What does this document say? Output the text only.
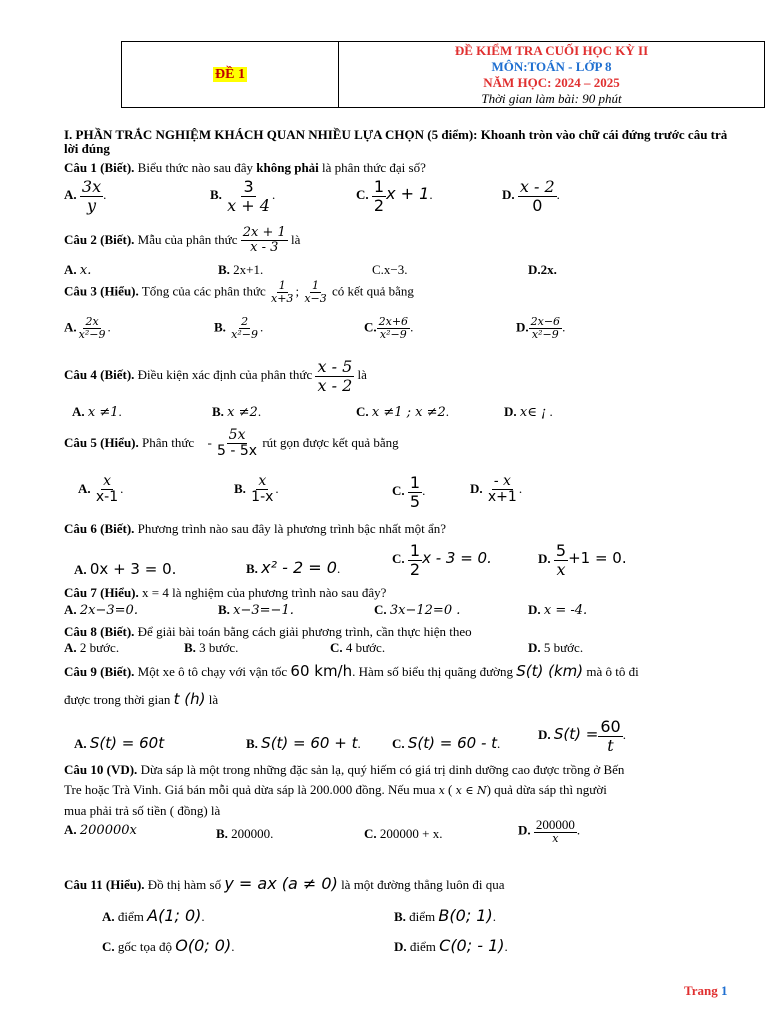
ĐỀ 1	
ĐỀ KIỂM TRA CUỐI HỌC KỲ II
MÔN:TOÁN - LỚP 8
NĂM HỌC: 2024 – 2025
Thời gian làm bài: 90 phút
I. PHẦN TRẮC NGHIỆM KHÁCH QUAN NHIỀU LỰA CHỌN (5 điểm): Khoanh tròn vào chữ cái đứng trước câu trả lời đúng
Câu 1 (Biết). Biểu thức nào sau đây không phải là phân thức đại số?
A. $\frac{3x}{y}$ .	B. $\frac{3}{x + 4}$ .	C. $\frac{1}{2}$ x + 1.	D. $\frac{x - 2}{0}$ .
Câu 2 (Biết). Mẫu của phân thức $\frac{2x + 1}{x - 3}$ là
A. x.	B. 2x+1.	C.x−3.	D.2x.
Câu 3 (Hiểu). Tổng của các phân thức $\frac{1}{x+3}$ ; $\frac{1}{x-3}$ có kết quả bằng
A. $\frac{2x}{\text{x²−9}}$ .	B. $\frac{2}{\text{x²−9}}$ .	C. $\frac{2x+6}{\text{x²−9}}$ .	D. $\frac{2x-6}{\text{x²−9}}$ .
Câu 4 (Biết). Điều kiện xác định của phân thức $\frac{x - 5}{x - 2}$ là
A. x ≠1.	B. x ≠2.	C. x ≠1 ; x ≠2.	D. x∈ ¡ .
Câu 5 (Hiểu). Phân thức - $\frac{5x}{5 - 5x}$ rút gọn được kết quả bằng
A. $\frac{x}{x-1}$ .	B. $\frac{x}{1-x}$ .	C. $\frac{1}{5}$ .	D. $\frac{- x}{x+1}$ .
Câu 6 (Biết). Phương trình nào sau đây là phương trình bậc nhất một ẩn?
A. 0x + 3 = 0.	B. x² - 2 = 0.
C. $\frac{1}{2}$ x - 3 = 0.	D. $\frac{5}{x} +1 = 0$.
Câu 7 (Hiểu). x = 4 là nghiệm của phương trình nào sau đây?
A. 2x−3=0.	B. x−3=−1.	C. 3x−12=0 .	D. x = -4.
Câu 8 (Biết). Để giải bài toán bằng cách giải phương trình, cần thực hiện theo
A. 2 bước.	B. 3 bước.	C. 4 bước.	D. 5 bước.
Câu 9 (Biết). Một xe ô tô chạy với vận tốc 60 km/h. Hàm số biểu thị quãng đường S(t) (km) mà ô tô đi
được trong thời gian t (h) là
A. S(t) = 60t	B. S(t) = 60 + t. C. S(t) = 60 - t.
D. $S(t) = \frac{60}{t}$ .
Câu 10 (VD). Dừa sáp là một trong những đặc sản lạ, quý hiếm có giá trị dinh dưỡng cao được trồng ở Bến
Tre hoặc Trà Vinh. Giá bán mỗi quả dừa sáp là 200.000 đồng. Nếu mua x ( x ∈ N) quả dừa sáp thì người
mua phải trả số tiền ( đồng) là
A. 200000x	B. 200000.	C. 200000 + x.	D. $\frac{200000}{x}$ .
Câu 11 (Hiểu). Đồ thị hàm số y = ax (a ≠ 0) là một đường thẳng luôn đi qua
A. điểm A(1; 0).	B. điểm B(0; 1).
C. gốc tọa độ O(0; 0).	D. điểm C(0; - 1).
Trang 1
